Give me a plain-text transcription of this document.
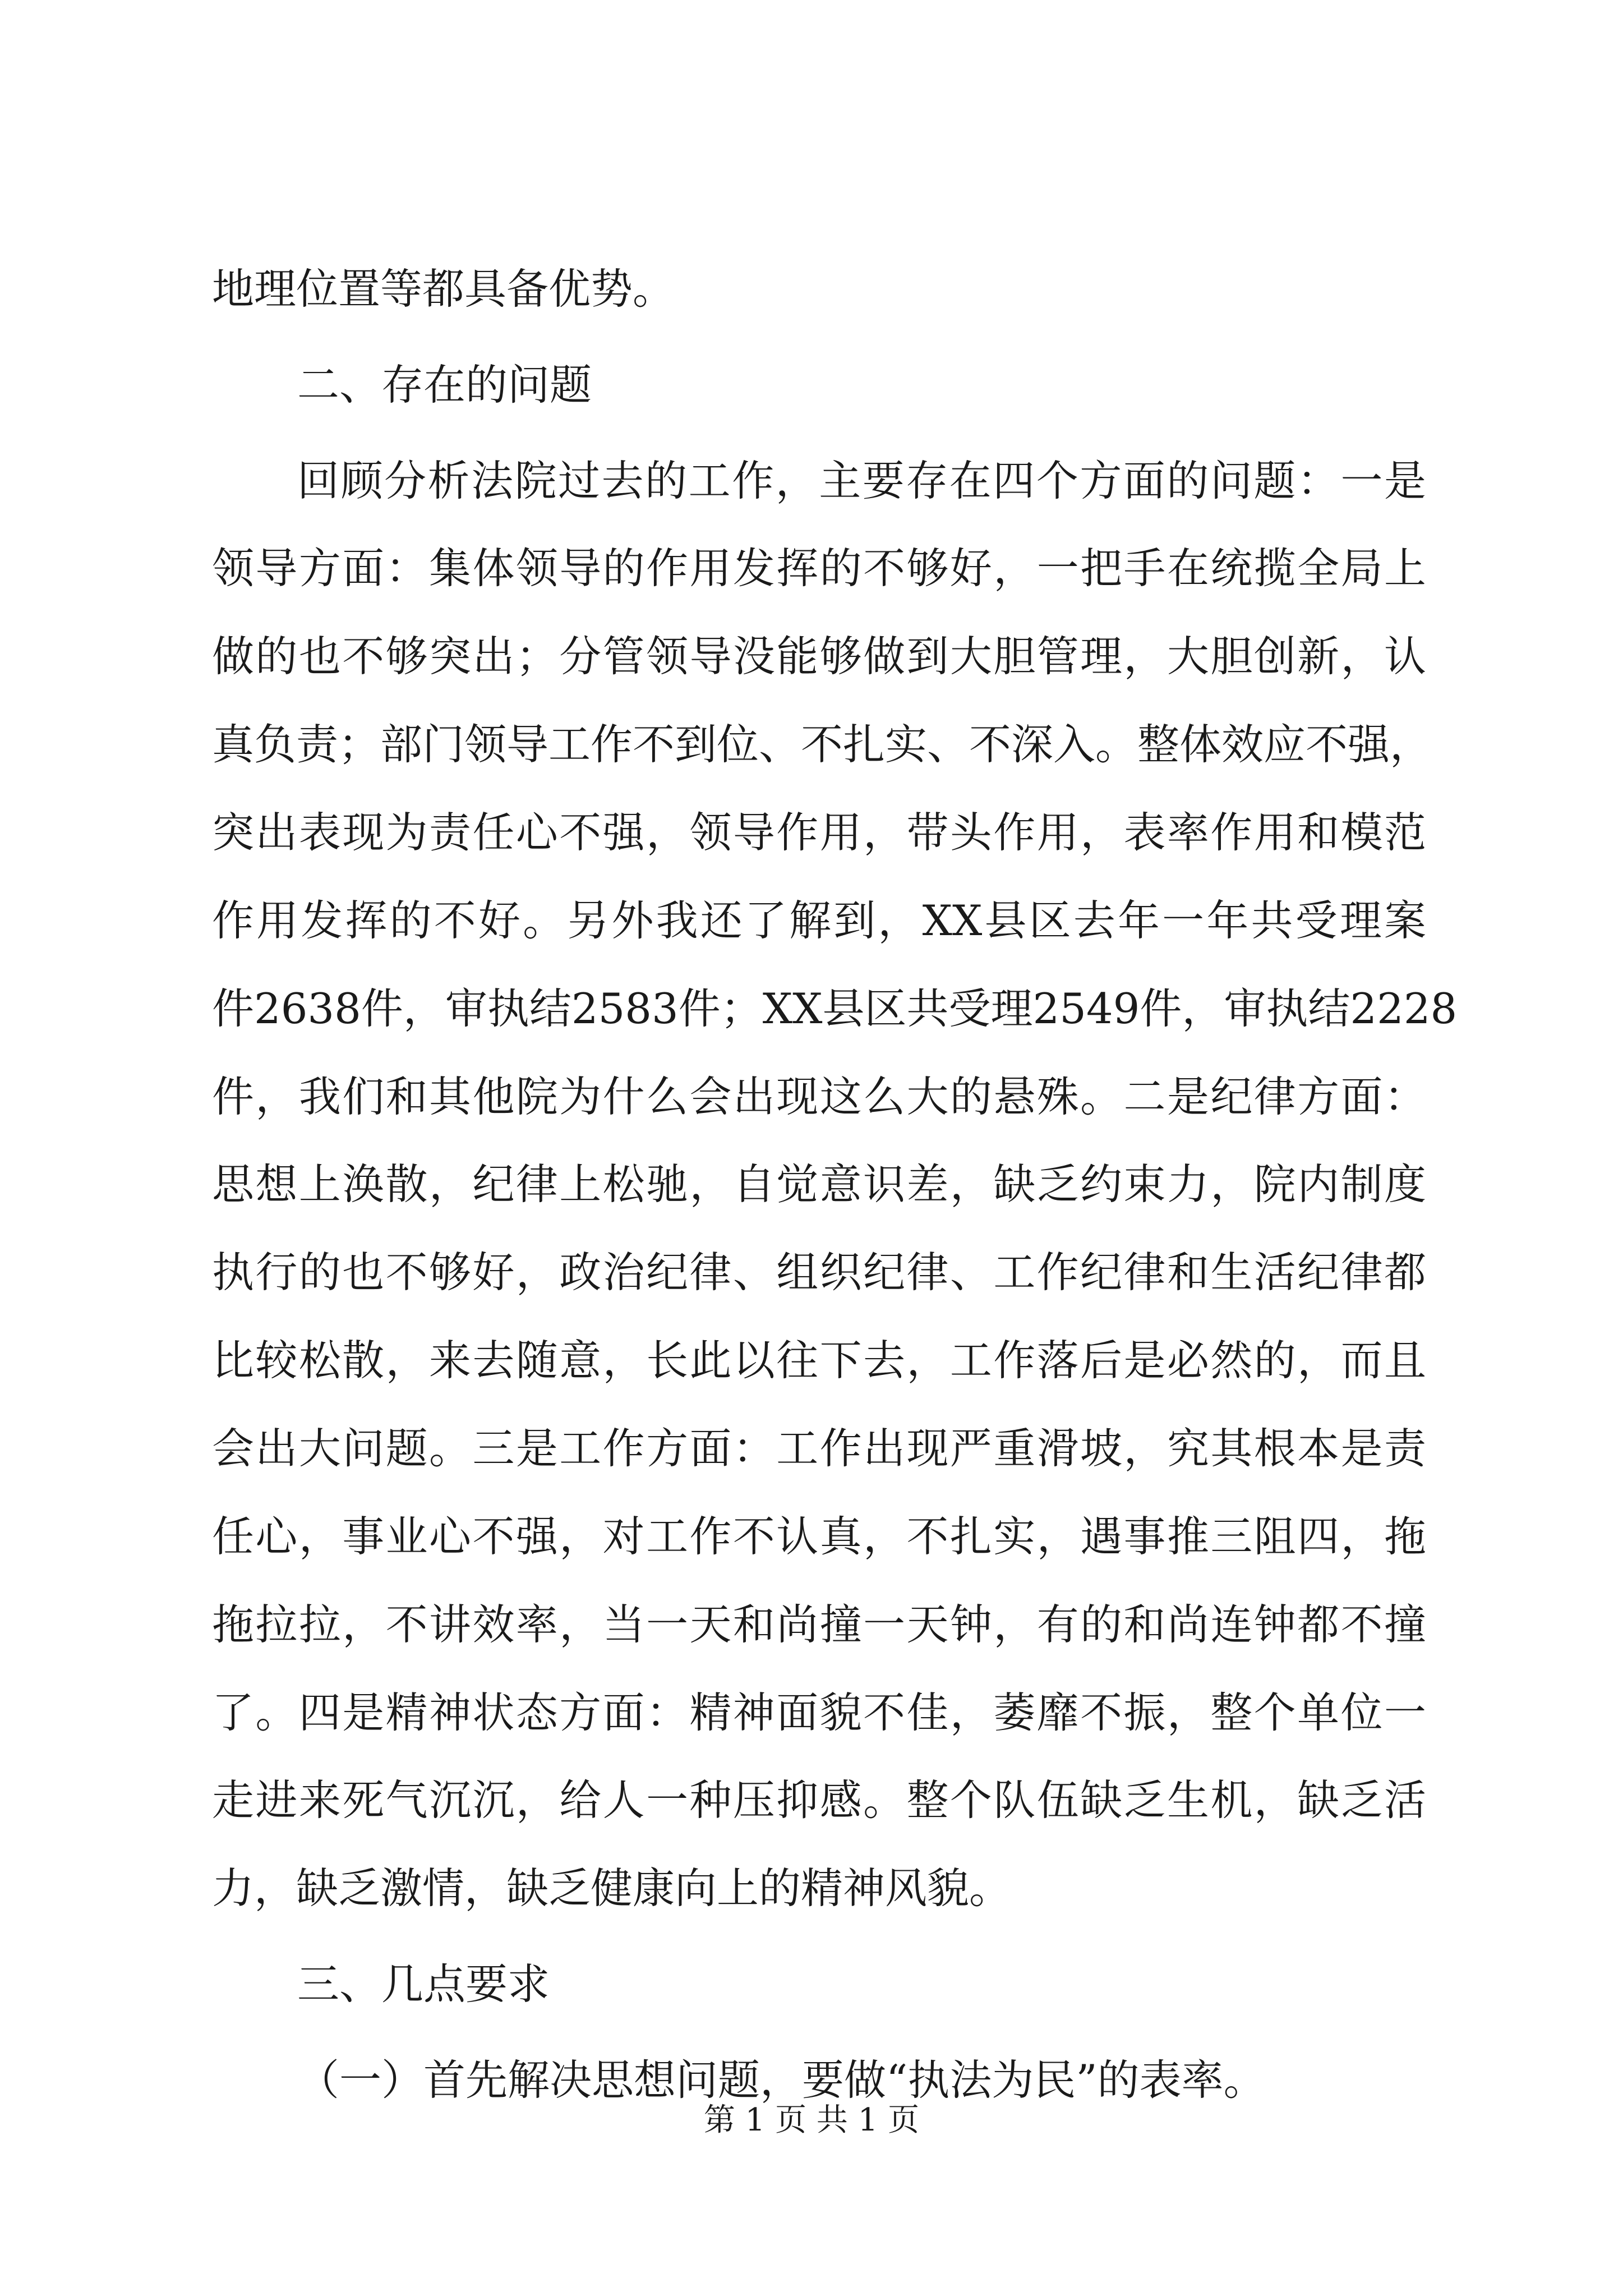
地理位置等都具备优势。
二、存在的问题
回顾分析法院过去的工作，主要存在四个方面的问题：一是
领导方面：集体领导的作用发挥的不够好，一把手在统揽全局上
做的也不够突出；分管领导没能够做到大胆管理，大胆创新，认
真负责；部门领导工作不到位、不扎实、不深入。整体效应不强，
突出表现为责任心不强，领导作用，带头作用，表率作用和模范
作用发挥的不好。另外我还了解到，XX县区去年一年共受理案
件2638件，审执结2583件；XX县区共受理2549件，审执结2228
件，我们和其他院为什么会出现这么大的悬殊。二是纪律方面：
思想上涣散，纪律上松驰，自觉意识差，缺乏约束力，院内制度
执行的也不够好，政治纪律、组织纪律、工作纪律和生活纪律都
比较松散，来去随意，长此以往下去，工作落后是必然的，而且
会出大问题。三是工作方面：工作出现严重滑坡，究其根本是责
任心，事业心不强，对工作不认真，不扎实，遇事推三阻四，拖
拖拉拉，不讲效率，当一天和尚撞一天钟，有的和尚连钟都不撞
了。四是精神状态方面：精神面貌不佳，萎靡不振，整个单位一
走进来死气沉沉，给人一种压抑感。整个队伍缺乏生机，缺乏活
力，缺乏激情，缺乏健康向上的精神风貌。
三、几点要求
（一）首先解决思想问题，要做“执法为民”的表率。
第 1 页 共 1 页
